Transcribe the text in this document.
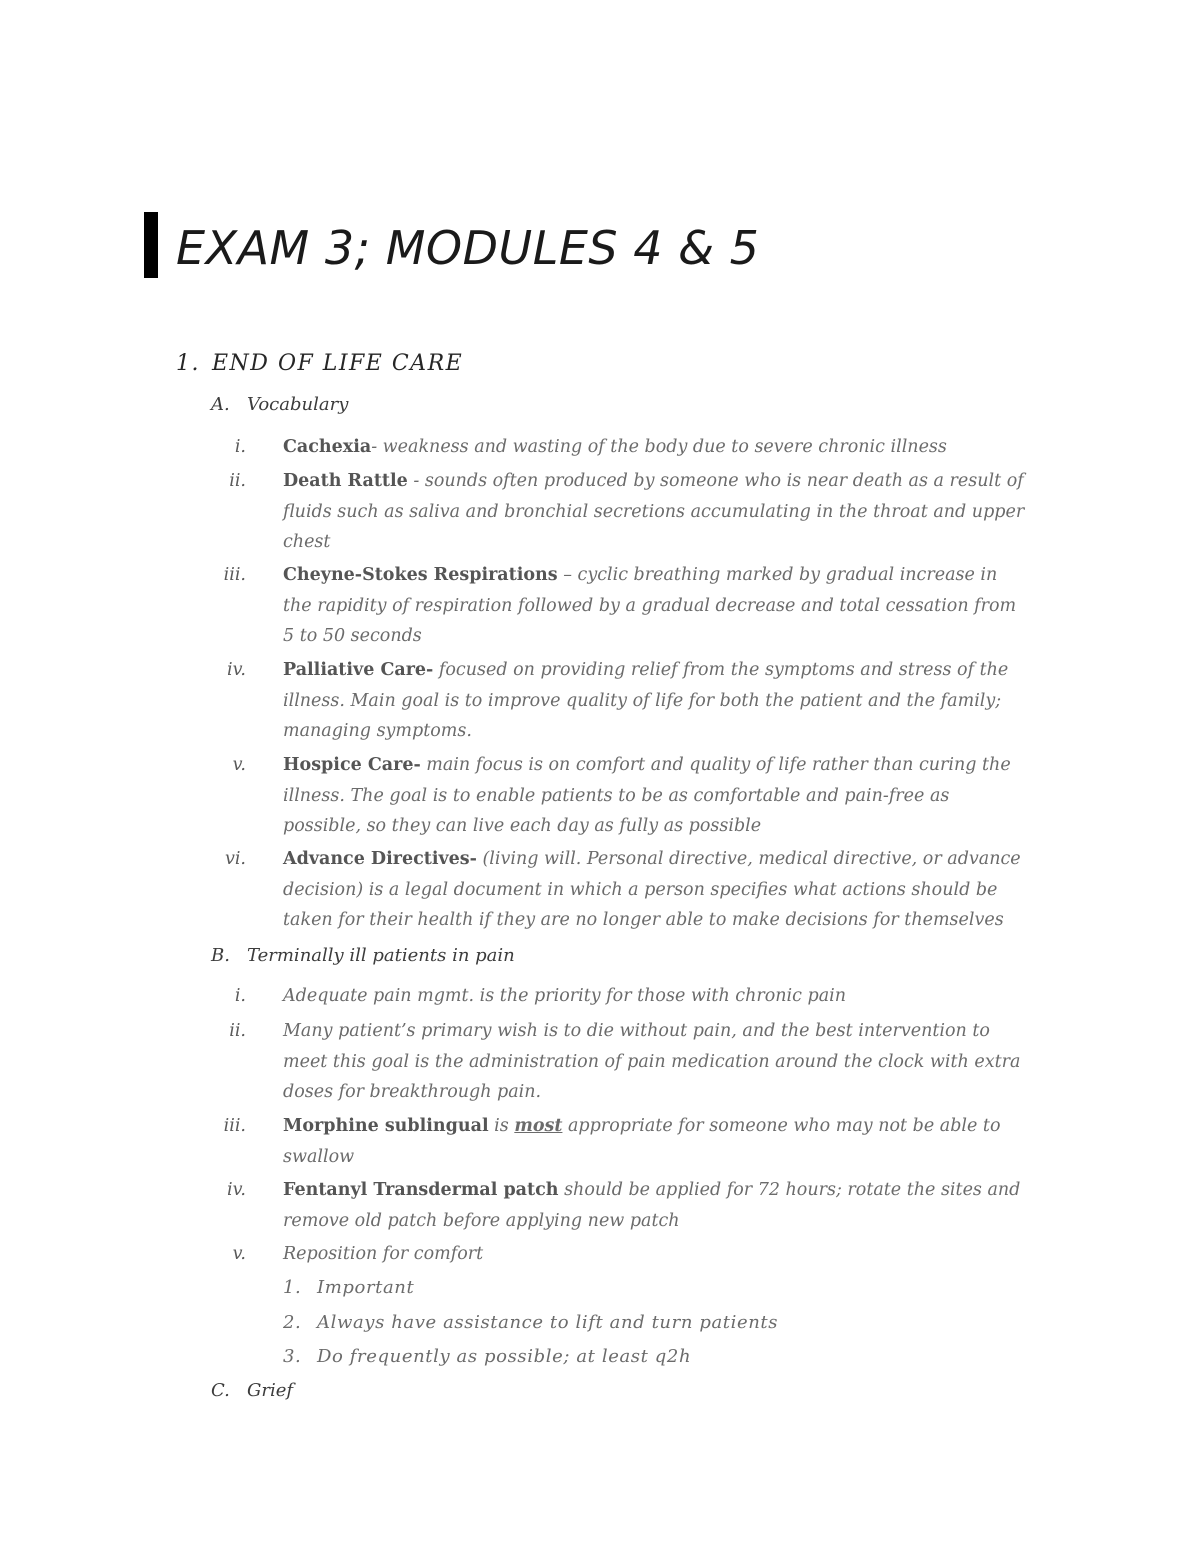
EXAM 3; MODULES 4 & 5
1. END OF LIFE CARE
A. Vocabulary
i. Cachexia- weakness and wasting of the body due to severe chronic illness
ii. Death Rattle - sounds often produced by someone who is near death as a result of fluids such as saliva and bronchial secretions accumulating in the throat and upper chest
iii. Cheyne-Stokes Respirations – cyclic breathing marked by gradual increase in the rapidity of respiration followed by a gradual decrease and total cessation from 5 to 50 seconds
iv. Palliative Care- focused on providing relief from the symptoms and stress of the illness. Main goal is to improve quality of life for both the patient and the family; managing symptoms.
v. Hospice Care- main focus is on comfort and quality of life rather than curing the illness. The goal is to enable patients to be as comfortable and pain-free as possible, so they can live each day as fully as possible
vi. Advance Directives- (living will. Personal directive, medical directive, or advance decision) is a legal document in which a person specifies what actions should be taken for their health if they are no longer able to make decisions for themselves
B. Terminally ill patients in pain
i. Adequate pain mgmt. is the priority for those with chronic pain
ii. Many patient’s primary wish is to die without pain, and the best intervention to meet this goal is the administration of pain medication around the clock with extra doses for breakthrough pain.
iii. Morphine sublingual is most appropriate for someone who may not be able to swallow
iv. Fentanyl Transdermal patch should be applied for 72 hours; rotate the sites and remove old patch before applying new patch
v. Reposition for comfort
1. Important
2. Always have assistance to lift and turn patients
3. Do frequently as possible; at least q2h
C. Grief
